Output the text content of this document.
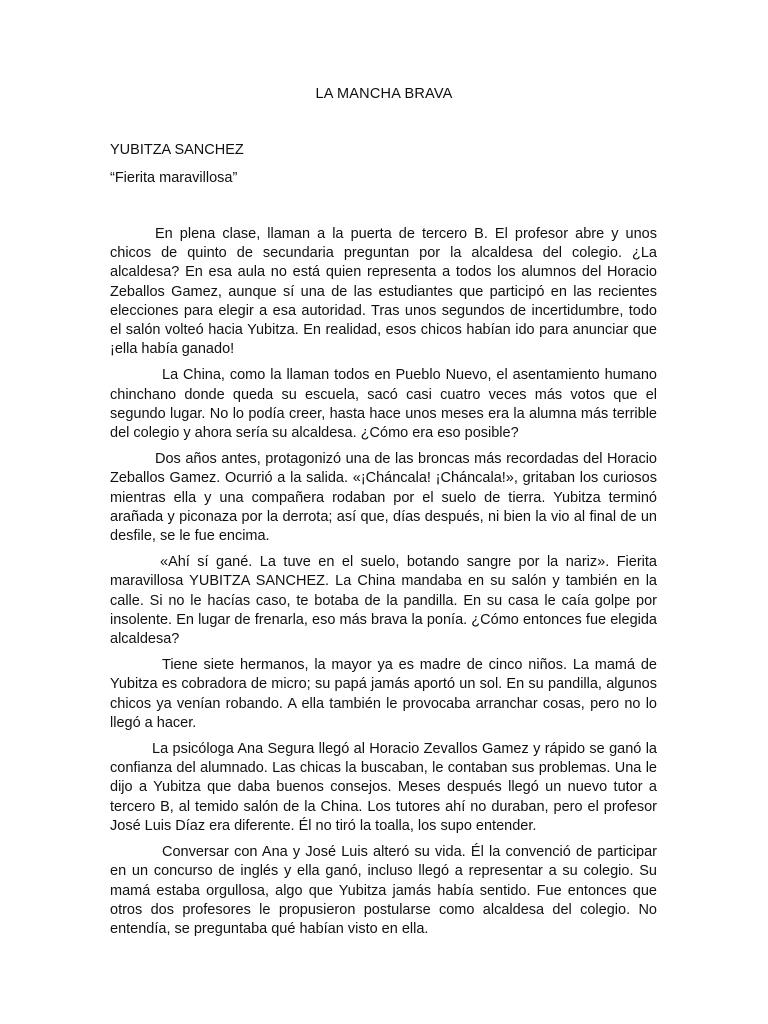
LA MANCHA BRAVA

YUBITZA SANCHEZ

“Fierita maravillosa”

En plena clase, llaman a la puerta de tercero B. El profesor abre y unos chicos de quinto de secundaria preguntan por la alcaldesa del colegio. ¿La alcaldesa? En esa aula no está quien representa a todos los alumnos del Horacio Zeballos Gamez, aunque sí una de las estudiantes que participó en las recientes elecciones para elegir a esa autoridad. Tras unos segundos de incertidumbre, todo el salón volteó hacia Yubitza. En realidad, esos chicos habían ido para anunciar que ¡ella había ganado!

La China, como la llaman todos en Pueblo Nuevo, el asentamiento humano chinchano donde queda su escuela, sacó casi cuatro veces más votos que el segundo lugar. No lo podía creer, hasta hace unos meses era la alumna más terrible del colegio y ahora sería su alcaldesa. ¿Cómo era eso posible?

Dos años antes, protagonizó una de las broncas más recordadas del Horacio Zeballos Gamez. Ocurrió a la salida. «¡Cháncala! ¡Cháncala!», gritaban los curiosos mientras ella y una compañera rodaban por el suelo de tierra. Yubitza terminó arañada y piconaza por la derrota; así que, días después, ni bien la vio al final de un desfile, se le fue encima.

«Ahí sí gané. La tuve en el suelo, botando sangre por la nariz». Fierita maravillosa YUBITZA SANCHEZ. La China mandaba en su salón y también en la calle. Si no le hacías caso, te botaba de la pandilla. En su casa le caía golpe por insolente. En lugar de frenarla, eso más brava la ponía. ¿Cómo entonces fue elegida alcaldesa?

Tiene siete hermanos, la mayor ya es madre de cinco niños. La mamá de Yubitza es cobradora de micro; su papá jamás aportó un sol. En su pandilla, algunos chicos ya venían robando. A ella también le provocaba arranchar cosas, pero no lo llegó a hacer.

La psicóloga Ana Segura llegó al Horacio Zevallos Gamez y rápido se ganó la confianza del alumnado. Las chicas la buscaban, le contaban sus problemas. Una le dijo a Yubitza que daba buenos consejos. Meses después llegó un nuevo tutor a tercero B, al temido salón de la China. Los tutores ahí no duraban, pero el profesor José Luis Díaz era diferente. Él no tiró la toalla, los supo entender.

Conversar con Ana y José Luis alteró su vida. Él la convenció de participar en un concurso de inglés y ella ganó, incluso llegó a representar a su colegio. Su mamá estaba orgullosa, algo que Yubitza jamás había sentido. Fue entonces que otros dos profesores le propusieron postularse como alcaldesa del colegio. No entendía, se preguntaba qué habían visto en ella.
